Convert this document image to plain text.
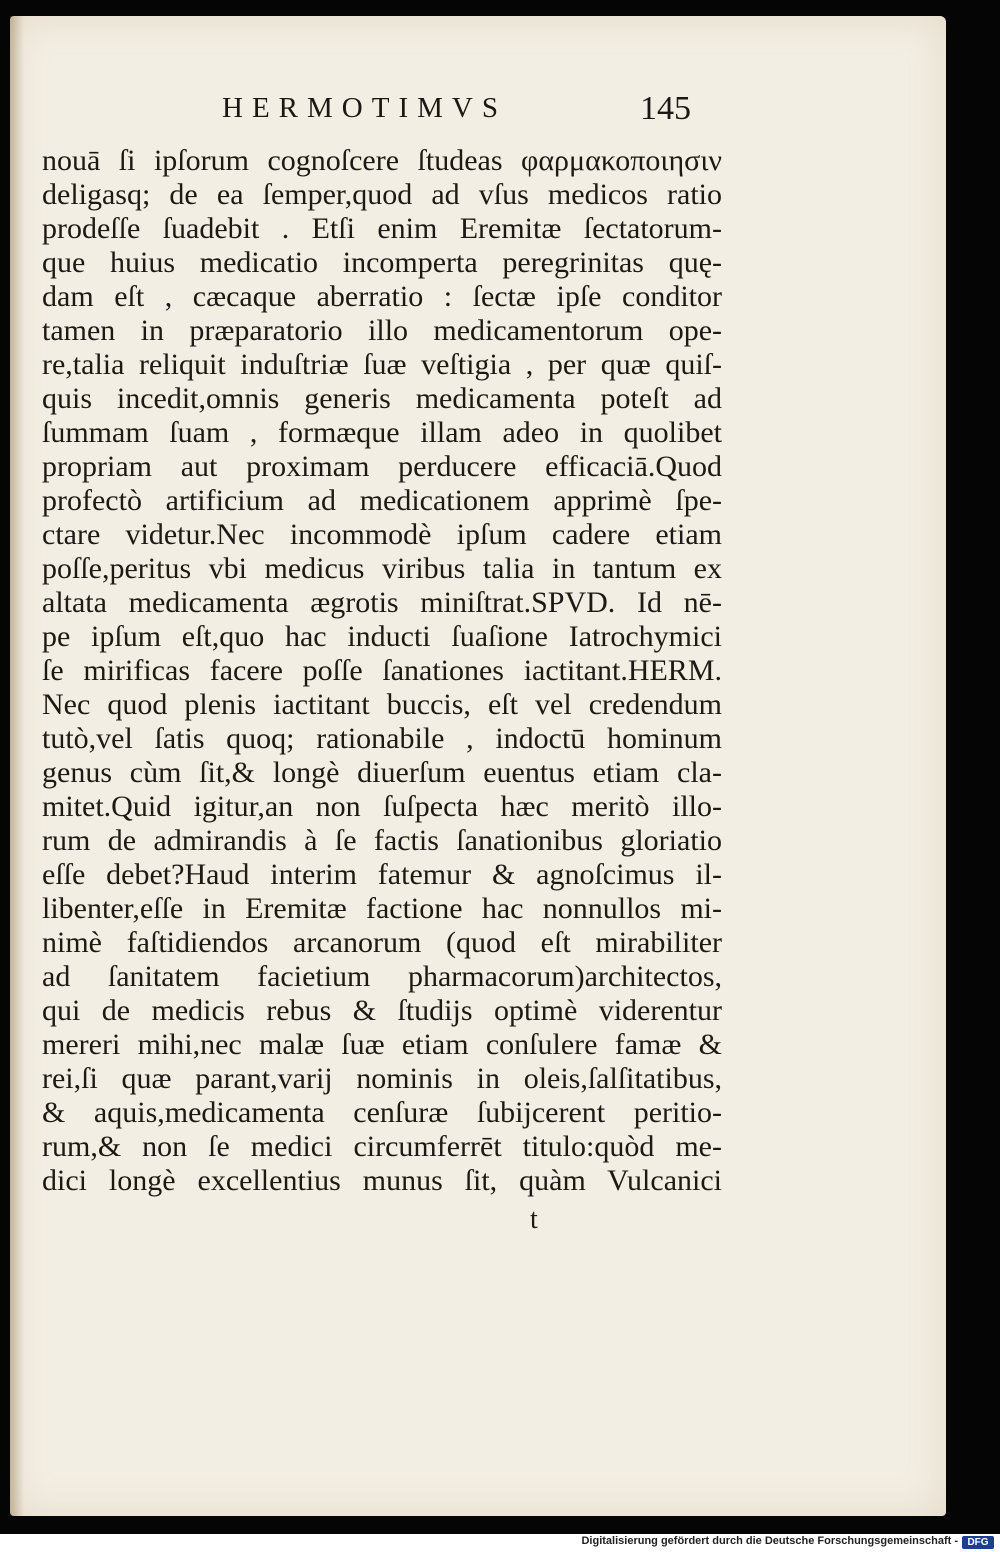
HERMOTIMVS	145
nouā ſi ipſorum cognoſcere ſtudeas φαρμακοποιησιν
deligasq; de ea ſemper,quod ad vſus medicos ratio
prodeſſe ſuadebit . Etſi enim Eremitæ ſectatorum-
que huius medicatio incomperta peregrinitas quę-
dam eſt , cæcaque aberratio : ſectæ ipſe conditor
tamen in præparatorio illo medicamentorum ope-
re,talia reliquit induſtriæ ſuæ veſtigia , per quæ quiſ-
quis incedit,omnis generis medicamenta poteſt ad
ſummam ſuam , formæque illam adeo in quolibet
propriam aut proximam perducere efficaciā.Quod
profectò artificium ad medicationem apprimè ſpe-
ctare videtur.Nec incommodè ipſum cadere etiam
poſſe,peritus vbi medicus viribus talia in tantum ex
altata medicamenta ægrotis miniſtrat.SPVD. Id nē-
pe ipſum eſt,quo hac inducti ſuaſione Iatrochymici
ſe mirificas facere poſſe ſanationes iactitant.HERM.
Nec quod plenis iactitant buccis, eſt vel credendum
tutò,vel ſatis quoq; rationabile , indoctū hominum
genus cùm ſit,& longè diuerſum euentus etiam cla-
mitet.Quid igitur,an non ſuſpecta hæc meritò illo-
rum de admirandis à ſe factis ſanationibus gloriatio
eſſe debet?Haud interim fatemur & agnoſcimus il-
libenter,eſſe in Eremitæ factione hac nonnullos mi-
nimè faſtidiendos arcanorum (quod eſt mirabiliter
ad ſanitatem facietium pharmacorum)architectos,
qui de medicis rebus & ſtudijs optimè viderentur
mereri mihi,nec malæ ſuæ etiam conſulere famæ &
rei,ſi quæ parant,varij nominis in oleis,ſalſitatibus,
& aquis,medicamenta cenſuræ ſubijcerent peritio-
rum,& non ſe medici circumferrēt titulo:quòd me-
dici longè excellentius munus ſit, quàm Vulcanici
t
Digitalisierung gefördert durch die Deutsche Forschungsgemeinschaft - DFG
